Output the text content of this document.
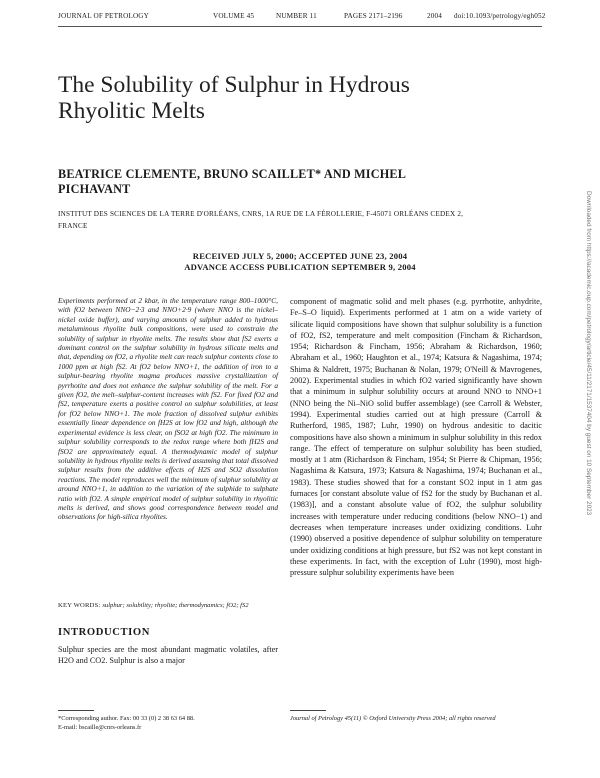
JOURNAL OF PETROLOGY	VOLUME 45	NUMBER 11	PAGES 2171–2196	2004 doi:10.1093/petrology/egh052
The Solubility of Sulphur in Hydrous Rhyolitic Melts
BEATRICE CLEMENTE, BRUNO SCAILLET* AND MICHEL PICHAVANT
INSTITUT DES SCIENCES DE LA TERRE D'ORLÉANS, CNRS, 1A RUE DE LA FÉROLLERIE, F-45071 ORLÉANS CEDEX 2, FRANCE
RECEIVED JULY 5, 2000; ACCEPTED JUNE 23, 2004
ADVANCE ACCESS PUBLICATION SEPTEMBER 9, 2004

Experiments performed at 2 kbar, in the temperature range 800–1000°C, with fO2 between NNO−2·3 and NNO+2·9 (where NNO is the nickel–nickel oxide buffer), and varying amounts of sulphur added to hydrous metaluminous rhyolite bulk compositions, were used to constrain the solubility of sulphur in rhyolite melts. The results show that fS2 exerts a dominant control on the sulphur solubility in hydrous silicate melts and that, depending on fO2, a rhyolite melt can reach sulphur contents close to 1000 ppm at high fS2. At fO2 below NNO+1, the addition of iron to a sulphur-bearing rhyolite magma produces massive crystallization of pyrrhotite and does not enhance the sulphur solubility of the melt. For a given fO2, the melt–sulphur-content increases with fS2. For fixed fO2 and fS2, temperature exerts a positive control on sulphur solubilities, at least for fO2 below NNO+1. The mole fraction of dissolved sulphur exhibits essentially linear dependence on fH2S at low fO2 and high, although the experimental evidence is less clear, on fSO2 at high fO2. The minimum in sulphur solubility corresponds to the redox range where both fH2S and fSO2 are approximately equal. A thermodynamic model of sulphur solubility in hydrous rhyolite melts is derived assuming that total dissolved sulphur results from the additive effects of H2S and SO2 dissolution reactions. The model reproduces well the minimum of sulphur solubility at around NNO+1, in addition to the variation of the sulphide to sulphate ratio with fO2. A simple empirical model of sulphur solubility in rhyolitic melts is derived, and shows good correspondence between model and observations for high-silica rhyolites.

KEY WORDS: sulphur; solubility; rhyolite; thermodynamics; fO2; fS2
INTRODUCTION

Sulphur species are the most abundant magmatic volatiles, after H2O and CO2. Sulphur is also a major

component of magmatic solid and melt phases (e.g. pyrrhotite, anhydrite, Fe–S–O liquid). Experiments performed at 1 atm on a wide variety of silicate liquid compositions have shown that sulphur solubility is a function of fO2, fS2, temperature and melt composition (Fincham & Richardson, 1954; Richardson & Fincham, 1956; Abraham & Richardson, 1960; Abraham et al., 1960; Haughton et al., 1974; Katsura & Nagashima, 1974; Shima & Naldrett, 1975; Buchanan & Nolan, 1979; O'Neill & Mavrogenes, 2002). Experimental studies in which fO2 varied significantly have shown that a minimum in sulphur solubility occurs at around NNO to NNO+1 (NNO being the Ni–NiO solid buffer assemblage) (see Carroll & Webster, 1994). Experimental studies carried out at high pressure (Carroll & Rutherford, 1985, 1987; Luhr, 1990) on hydrous andesitic to dacitic compositions have also shown a minimum in sulphur solubility in this redox range. The effect of temperature on sulphur solubility has been studied, mostly at 1 atm (Richardson & Fincham, 1954; St Pierre & Chipman, 1956; Nagashima & Katsura, 1973; Katsura & Nagashima, 1974; Buchanan et al., 1983). These studies showed that for a constant SO2 input in 1 atm gas furnaces [or constant absolute value of fS2 for the study by Buchanan et al. (1983)], and a constant absolute value of fO2, the sulphur solubility increases with temperature under reducing conditions (below NNO−1) and decreases when temperature increases under oxidizing conditions. Luhr (1990) observed a positive dependence of sulphur solubility on temperature under oxidizing conditions at high pressure, but fS2 was not kept constant in these experiments. In fact, with the exception of Luhr (1990), most high-pressure sulphur solubility experiments have been

*Corresponding author. Fax: 00 33 (0) 2 38 63 64 88.

E-mail: bscaille@cnrs-orleans.fr

Journal of Petrology 45(11) © Oxford University Press 2004; all rights reserved
Downloaded from https://academic.oup.com/petrology/article/45/11/2171/1537404 by guest on 10 September 2023
